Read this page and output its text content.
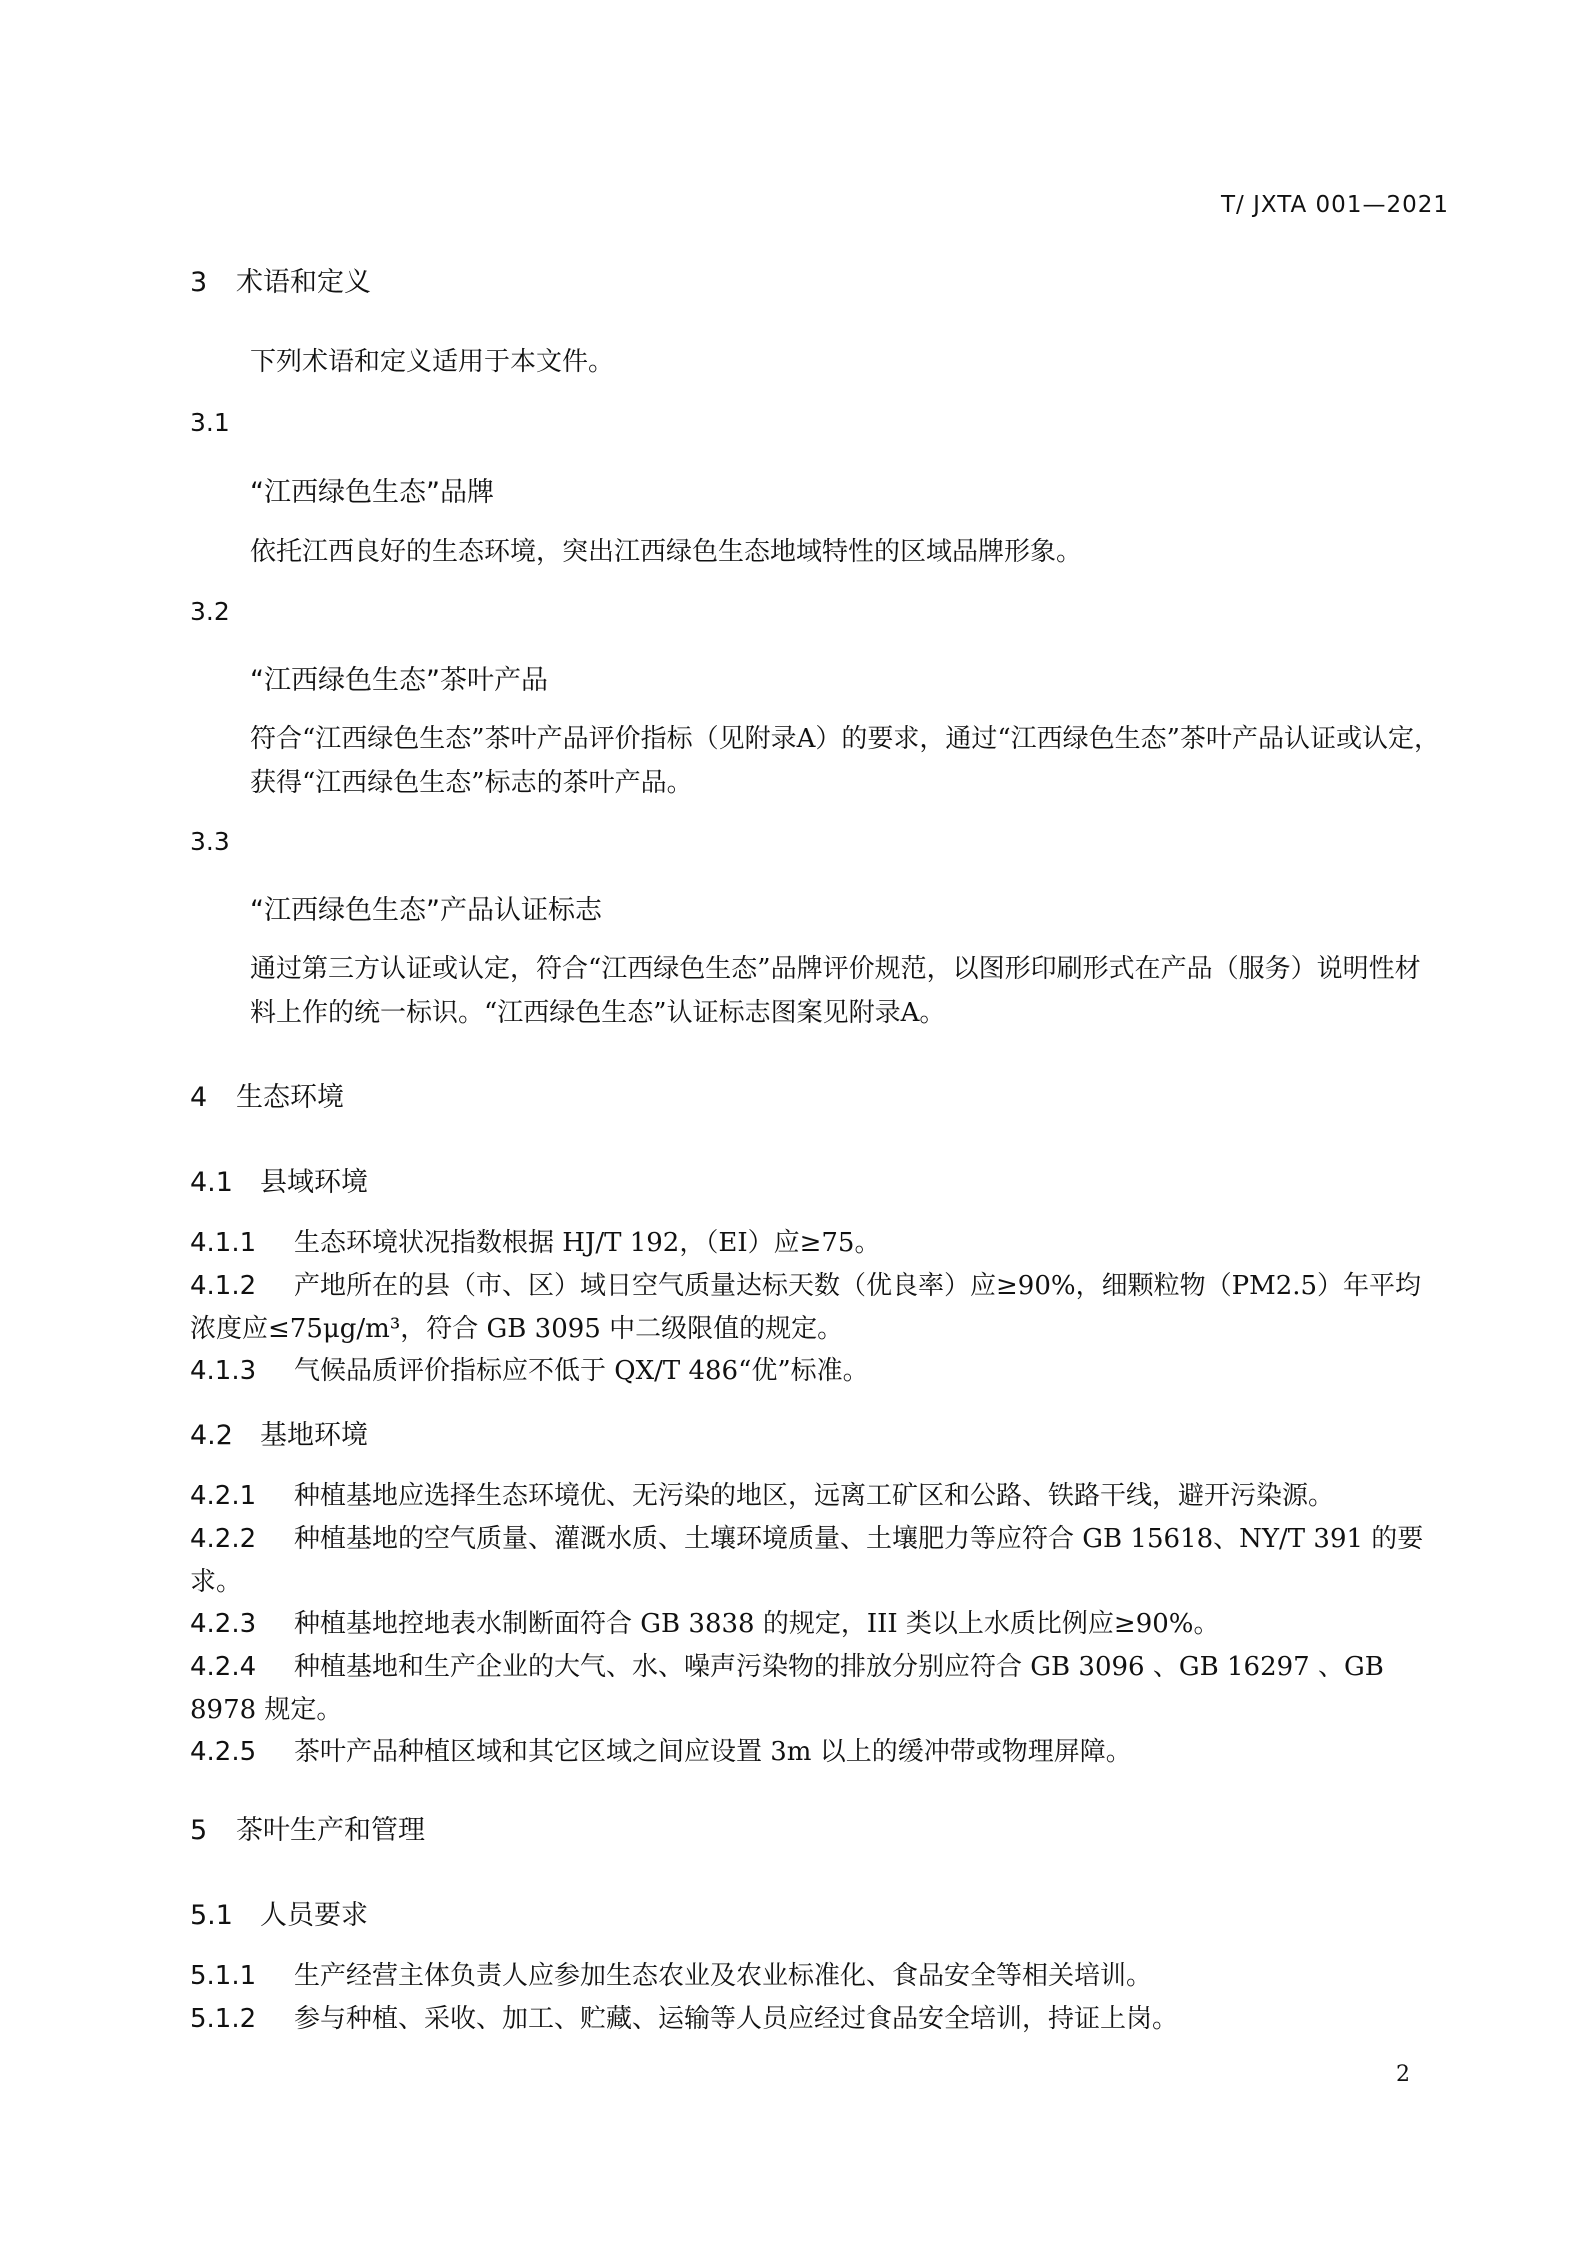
T/ JXTA 001—2021
3 术语和定义
下列术语和定义适用于本文件。
3.1
“江西绿色生态”品牌
依托江西良好的生态环境，突出江西绿色生态地域特性的区域品牌形象。
3.2
“江西绿色生态”茶叶产品
符合“江西绿色生态”茶叶产品评价指标（见附录A）的要求，通过“江西绿色生态”茶叶产品认证或认定，获得“江西绿色生态”标志的茶叶产品。
3.3
“江西绿色生态”产品认证标志
通过第三方认证或认定，符合“江西绿色生态”品牌评价规范，以图形印刷形式在产品（服务）说明性材料上作的统一标识。“江西绿色生态”认证标志图案见附录A。
4 生态环境
4.1 县域环境
4.1.1 生态环境状况指数根据 HJ/T 192，（EI）应≥75。
4.1.2 产地所在的县（市、区）域日空气质量达标天数（优良率）应≥90%，细颗粒物（PM2.5）年平均浓度应≤75μg/m³，符合 GB 3095 中二级限值的规定。
4.1.3 气候品质评价指标应不低于 QX/T 486“优”标准。
4.2 基地环境
4.2.1 种植基地应选择生态环境优、无污染的地区，远离工矿区和公路、铁路干线，避开污染源。
4.2.2 种植基地的空气质量、灌溉水质、土壤环境质量、土壤肥力等应符合 GB 15618、NY/T 391 的要求。
4.2.3 种植基地控地表水制断面符合 GB 3838 的规定，III 类以上水质比例应≥90%。
4.2.4 种植基地和生产企业的大气、水、噪声污染物的排放分别应符合 GB 3096 、GB 16297 、GB 8978 规定。
4.2.5 茶叶产品种植区域和其它区域之间应设置 3m 以上的缓冲带或物理屏障。
5 茶叶生产和管理
5.1 人员要求
5.1.1 生产经营主体负责人应参加生态农业及农业标准化、食品安全等相关培训。
5.1.2 参与种植、采收、加工、贮藏、运输等人员应经过食品安全培训，持证上岗。
2
